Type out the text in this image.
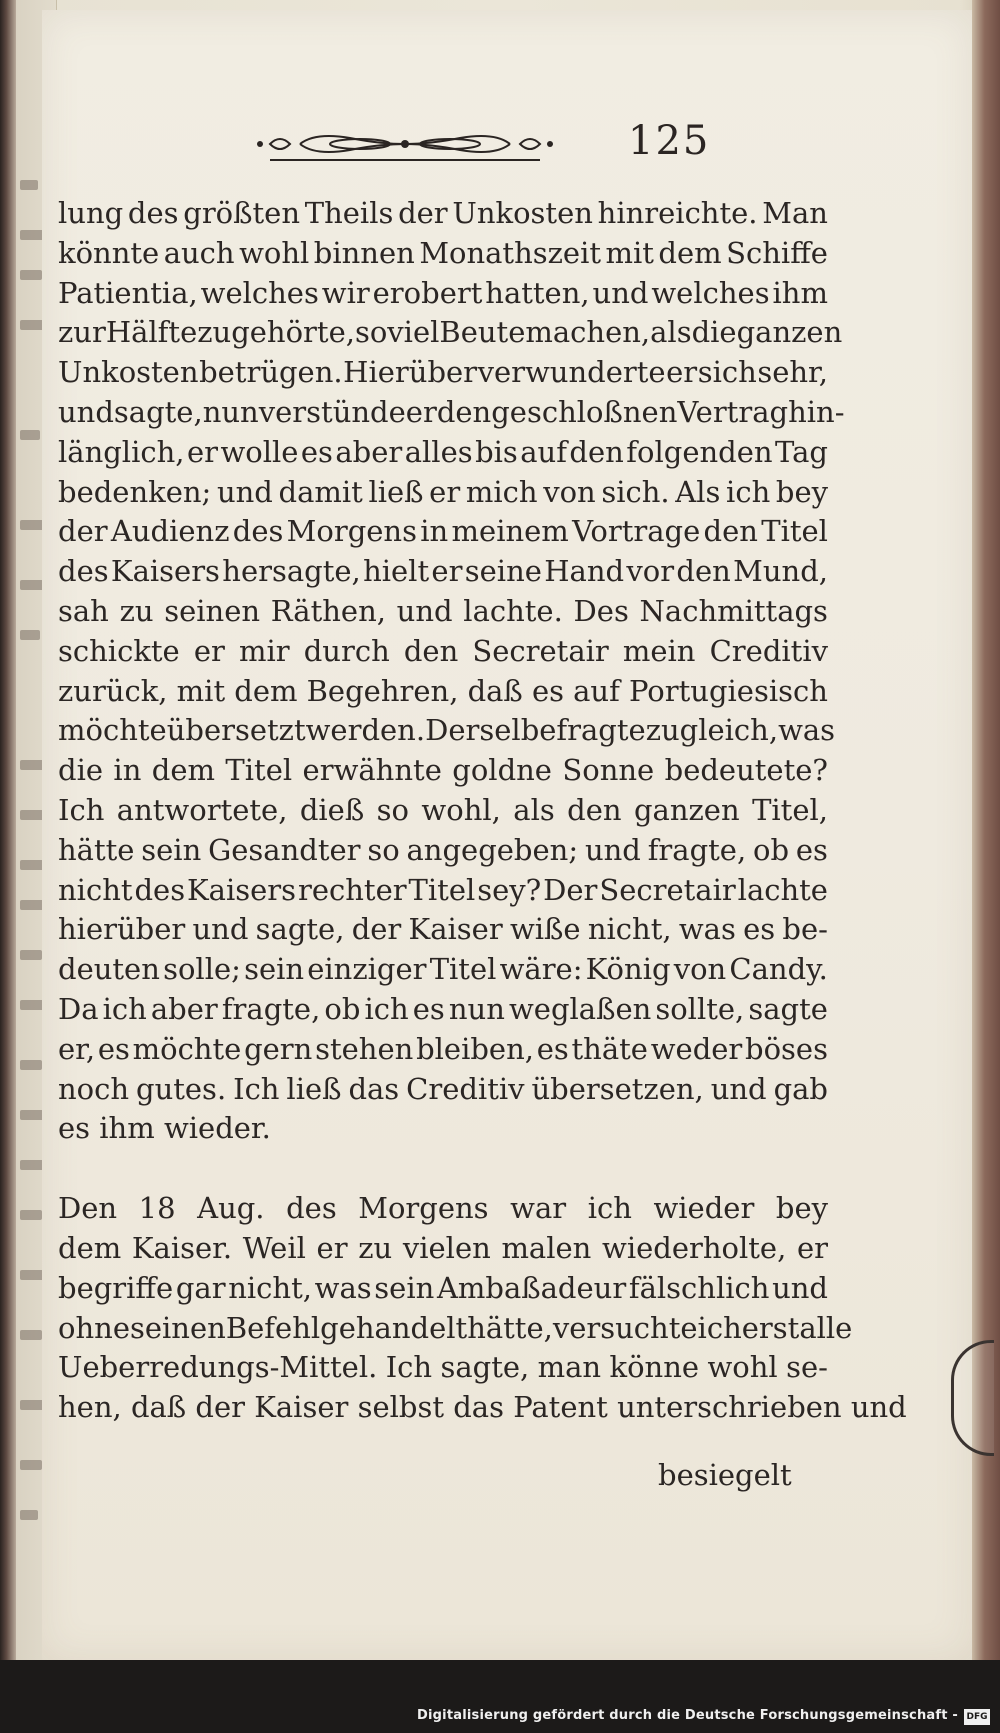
125
lung des größten Theils der Unkosten hinreichte. Man
könnte auch wohl binnen Monathszeit mit dem Schiffe
Patientia, welches wir erobert hatten, und welches ihm
zur Hälfte zugehörte, so viel Beute machen, als die ganzen
Unkosten betrügen. Hierüber verwunderte er sich sehr,
und sagte, nun verstünde er den geschloßnen Vertrag hin-
länglich, er wolle es aber alles bis auf den folgenden Tag
bedenken; und damit ließ er mich von sich. Als ich bey
der Audienz des Morgens in meinem Vortrage den Titel
des Kaisers hersagte, hielt er seine Hand vor den Mund,
sah zu seinen Räthen, und lachte. Des Nachmittags
schickte er mir durch den Secretair mein Creditiv
zurück, mit dem Begehren, daß es auf Portugiesisch
möchte übersetzt werden. Derselbe fragte zugleich, was
die in dem Titel erwähnte goldne Sonne bedeutete?
Ich antwortete, dieß so wohl, als den ganzen Titel,
hätte sein Gesandter so angegeben; und fragte, ob es
nicht des Kaisers rechter Titel sey? Der Secretair lachte
hierüber und sagte, der Kaiser wiße nicht, was es be-
deuten solle; sein einziger Titel wäre: König von Candy.
Da ich aber fragte, ob ich es nun weglaßen sollte, sagte
er, es möchte gern stehen bleiben, es thäte weder böses
noch gutes. Ich ließ das Creditiv übersetzen, und gab
es ihm wieder.
Den 18 Aug. des Morgens war ich wieder bey
dem Kaiser. Weil er zu vielen malen wiederholte, er
begriffe gar nicht, was sein Ambaßadeur fälschlich und
ohne seinen Befehl gehandelt hätte, versuchte ich erst alle
Ueberredungs-Mittel. Ich sagte, man könne wohl se-
hen, daß der Kaiser selbst das Patent unterschrieben und
besiegelt
Digitalisierung gefördert durch die Deutsche Forschungsgemeinschaft - DFG
